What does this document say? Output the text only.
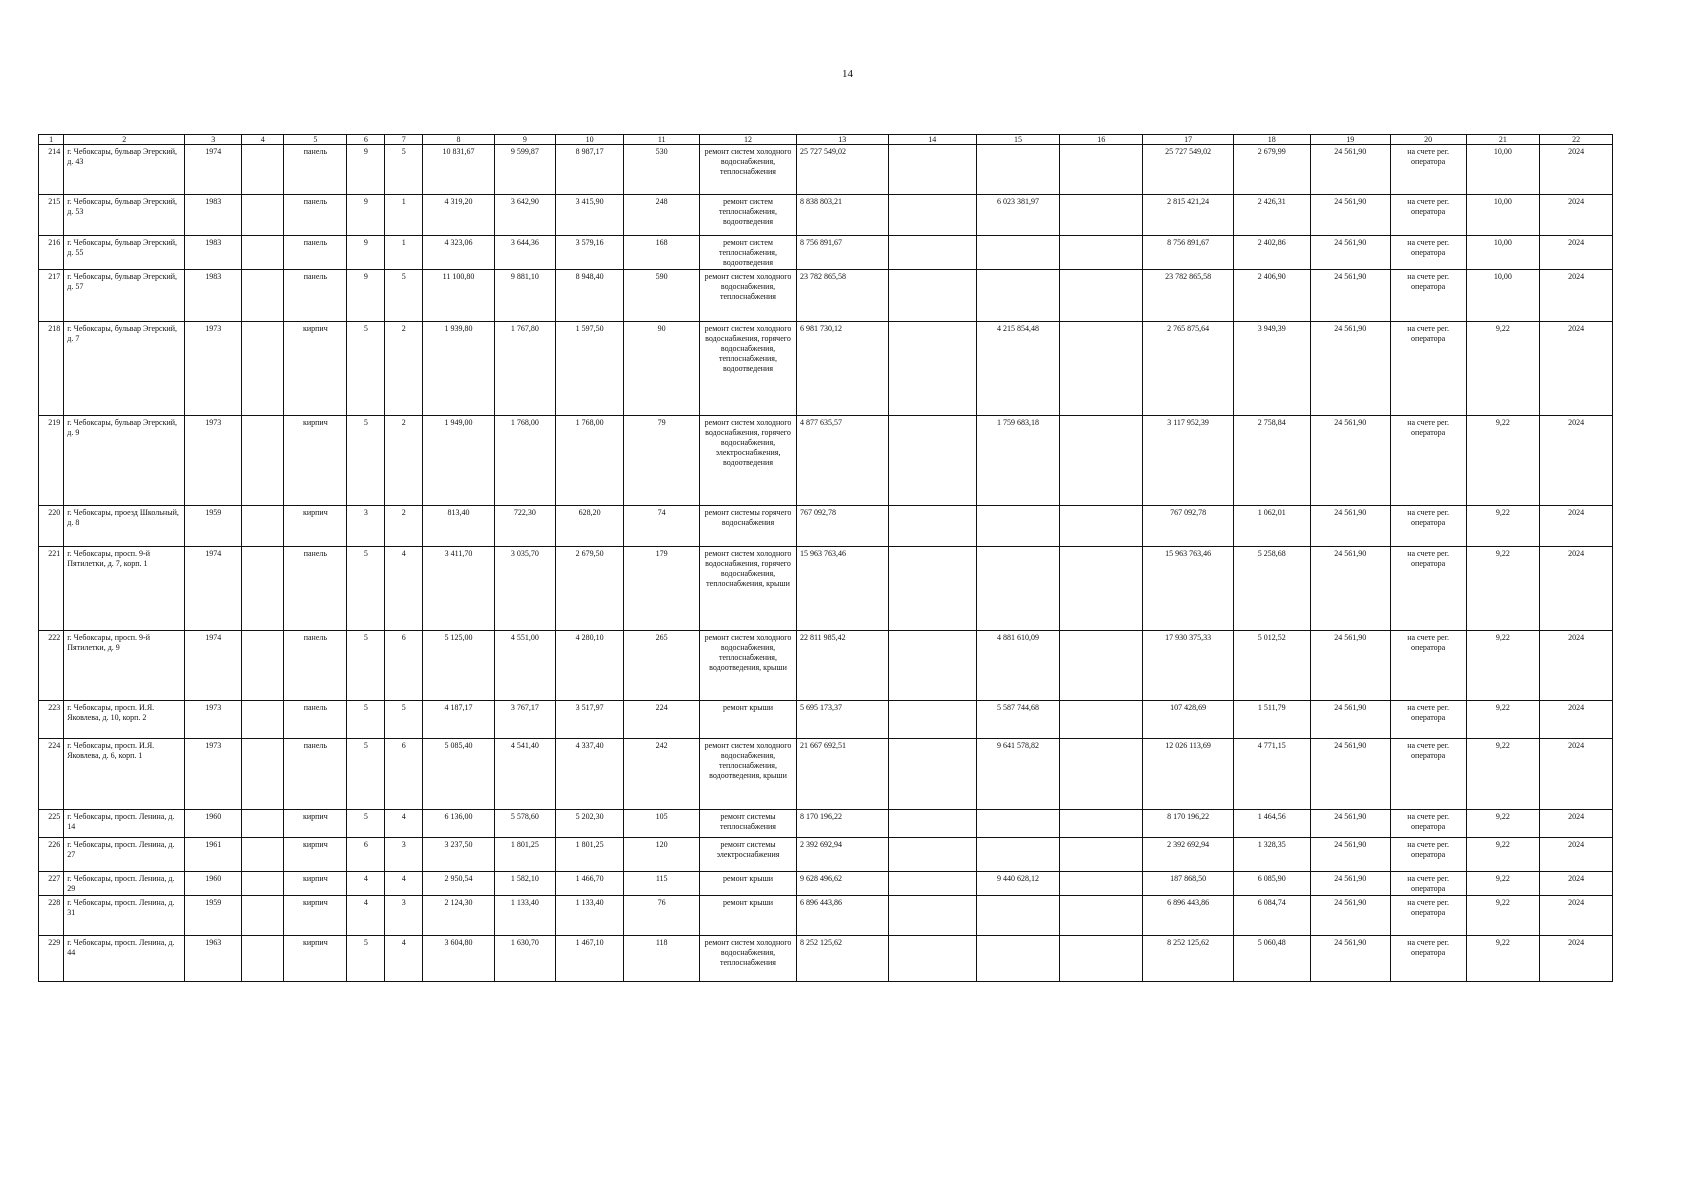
14
1	2	3	4	5	6	7	8	9	10	11	12	13	14	15	16	17	18	19	20	21	22
214	г. Чебоксары, бульвар Эгерский, д. 43	1974		панель	9	5	10 831,67	9 599,87	8 987,17	530	ремонт систем холодного водоснабжения, теплоснабжения	25 727 549,02				25 727 549,02	2 679,99	24 561,90	на счете рег. оператора	10,00	2024
215	г. Чебоксары, бульвар Эгерский, д. 53	1983		панель	9	1	4 319,20	3 642,90	3 415,90	248	ремонт систем теплоснабжения, водоотведения	8 838 803,21		6 023 381,97		2 815 421,24	2 426,31	24 561,90	на счете рег. оператора	10,00	2024
216	г. Чебоксары, бульвар Эгерский, д. 55	1983		панель	9	1	4 323,06	3 644,36	3 579,16	168	ремонт систем теплоснабжения, водоотведения	8 756 891,67				8 756 891,67	2 402,86	24 561,90	на счете рег. оператора	10,00	2024
217	г. Чебоксары, бульвар Эгерский, д. 57	1983		панель	9	5	11 100,80	9 881,10	8 948,40	590	ремонт систем холодного водоснабжения, теплоснабжения	23 782 865,58				23 782 865,58	2 406,90	24 561,90	на счете рег. оператора	10,00	2024
218	г. Чебоксары, бульвар Эгерский, д. 7	1973		кирпич	5	2	1 939,80	1 767,80	1 597,50	90	ремонт систем холодного водоснабжения, горячего водоснабжения, теплоснабжения, водоотведения	6 981 730,12		4 215 854,48		2 765 875,64	3 949,39	24 561,90	на счете рег. оператора	9,22	2024
219	г. Чебоксары, бульвар Эгерский, д. 9	1973		кирпич	5	2	1 949,00	1 768,00	1 768,00	79	ремонт систем холодного водоснабжения, горячего водоснабжения, электроснабжения, водоотведения	4 877 635,57		1 759 683,18		3 117 952,39	2 758,84	24 561,90	на счете рег. оператора	9,22	2024
220	г. Чебоксары, проезд Школьный, д. 8	1959		кирпич	3	2	813,40	722,30	628,20	74	ремонт системы горячего водоснабжения	767 092,78				767 092,78	1 062,01	24 561,90	на счете рег. оператора	9,22	2024
221	г. Чебоксары, просп. 9-й Пятилетки, д. 7, корп. 1	1974		панель	5	4	3 411,70	3 035,70	2 679,50	179	ремонт систем холодного водоснабжения, горячего водоснабжения, теплоснабжения, крыши	15 963 763,46				15 963 763,46	5 258,68	24 561,90	на счете рег. оператора	9,22	2024
222	г. Чебоксары, просп. 9-й Пятилетки, д. 9	1974		панель	5	6	5 125,00	4 551,00	4 280,10	265	ремонт систем холодного водоснабжения, теплоснабжения, водоотведения, крыши	22 811 985,42		4 881 610,09		17 930 375,33	5 012,52	24 561,90	на счете рег. оператора	9,22	2024
223	г. Чебоксары, просп. И.Я. Яковлева, д. 10, корп. 2	1973		панель	5	5	4 187,17	3 767,17	3 517,97	224	ремонт крыши	5 695 173,37		5 587 744,68		107 428,69	1 511,79	24 561,90	на счете рег. оператора	9,22	2024
224	г. Чебоксары, просп. И.Я. Яковлева, д. 6, корп. 1	1973		панель	5	6	5 085,40	4 541,40	4 337,40	242	ремонт систем холодного водоснабжения, теплоснабжения, водоотведения, крыши	21 667 692,51		9 641 578,82		12 026 113,69	4 771,15	24 561,90	на счете рег. оператора	9,22	2024
225	г. Чебоксары, просп. Ленина, д. 14	1960		кирпич	5	4	6 136,00	5 578,60	5 202,30	105	ремонт системы теплоснабжения	8 170 196,22				8 170 196,22	1 464,56	24 561,90	на счете рег. оператора	9,22	2024
226	г. Чебоксары, просп. Ленина, д. 27	1961		кирпич	6	3	3 237,50	1 801,25	1 801,25	120	ремонт системы электроснабжения	2 392 692,94				2 392 692,94	1 328,35	24 561,90	на счете рег. оператора	9,22	2024
227	г. Чебоксары, просп. Ленина, д. 29	1960		кирпич	4	4	2 950,54	1 582,10	1 466,70	115	ремонт крыши	9 628 496,62		9 440 628,12		187 868,50	6 085,90	24 561,90	на счете рег. оператора	9,22	2024
228	г. Чебоксары, просп. Ленина, д. 31	1959		кирпич	4	3	2 124,30	1 133,40	1 133,40	76	ремонт крыши	6 896 443,86				6 896 443,86	6 084,74	24 561,90	на счете рег. оператора	9,22	2024
229	г. Чебоксары, просп. Ленина, д. 44	1963		кирпич	5	4	3 604,80	1 630,70	1 467,10	118	ремонт систем холодного водоснабжения, теплоснабжения	8 252 125,62				8 252 125,62	5 060,48	24 561,90	на счете рег. оператора	9,22	2024
